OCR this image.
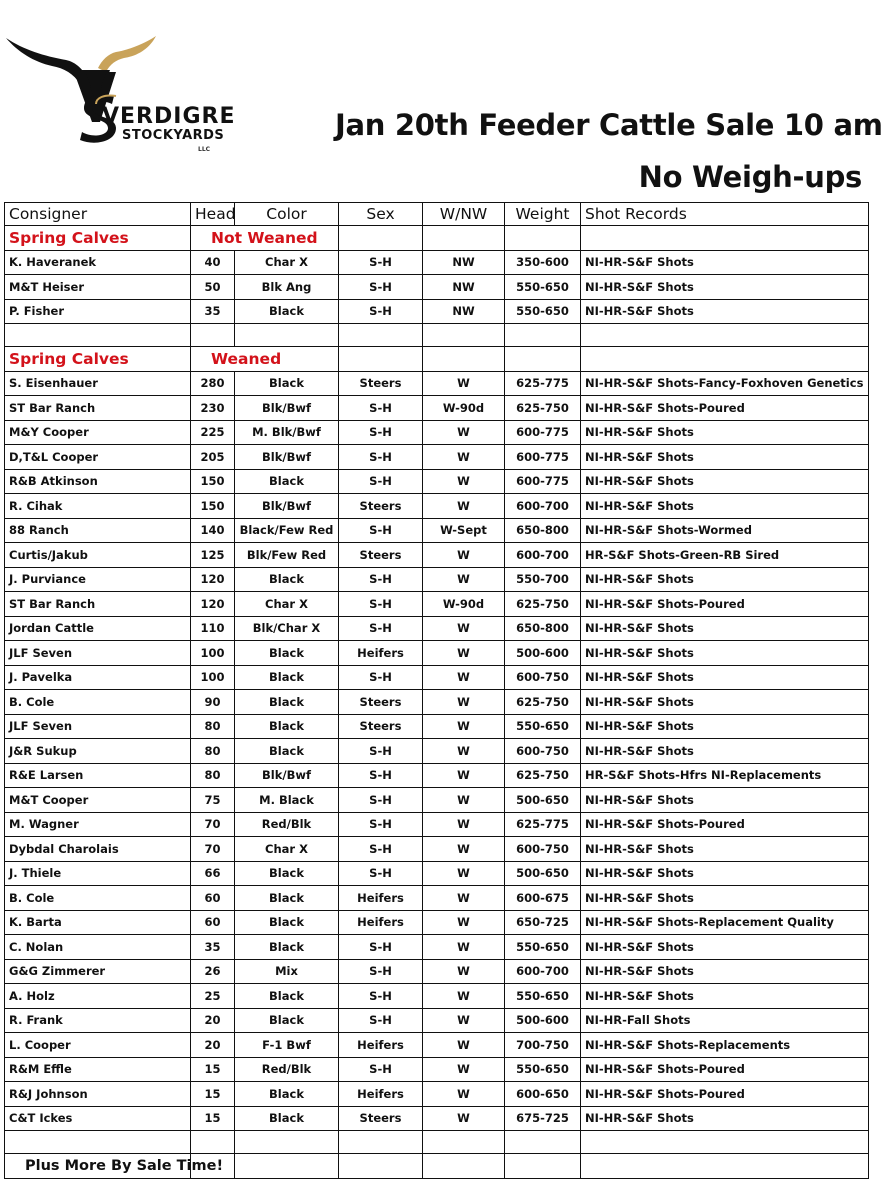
VERDIGRE
STOCKYARDS
LLC
Jan 20th Feeder Cattle Sale 10 am
No Weigh-ups
Consigner	Head	Color	Sex	W/NW	Weight	Shot Records
Spring Calves	Not Weaned					
K. Haveranek	40	Char X	S-H	NW	350-600	NI-HR-S&F Shots
M&T Heiser	50	Blk Ang	S-H	NW	550-650	NI-HR-S&F Shots
P. Fisher	35	Black	S-H	NW	550-650	NI-HR-S&F Shots

Spring Calves	Weaned					
S. Eisenhauer	280	Black	Steers	W	625-775	NI-HR-S&F Shots-Fancy-Foxhoven Genetics
ST Bar Ranch	230	Blk/Bwf	S-H	W-90d	625-750	NI-HR-S&F Shots-Poured
M&Y Cooper	225	M. Blk/Bwf	S-H	W	600-775	NI-HR-S&F Shots
D,T&L Cooper	205	Blk/Bwf	S-H	W	600-775	NI-HR-S&F Shots
R&B Atkinson	150	Black	S-H	W	600-775	NI-HR-S&F Shots
R. Cihak	150	Blk/Bwf	Steers	W	600-700	NI-HR-S&F Shots
88 Ranch	140	Black/Few Red	S-H	W-Sept	650-800	NI-HR-S&F Shots-Wormed
Curtis/Jakub	125	Blk/Few Red	Steers	W	600-700	HR-S&F Shots-Green-RB Sired
J. Purviance	120	Black	S-H	W	550-700	NI-HR-S&F Shots
ST Bar Ranch	120	Char X	S-H	W-90d	625-750	NI-HR-S&F Shots-Poured
Jordan Cattle	110	Blk/Char X	S-H	W	650-800	NI-HR-S&F Shots
JLF Seven	100	Black	Heifers	W	500-600	NI-HR-S&F Shots
J. Pavelka	100	Black	S-H	W	600-750	NI-HR-S&F Shots
B. Cole	90	Black	Steers	W	625-750	NI-HR-S&F Shots
JLF Seven	80	Black	Steers	W	550-650	NI-HR-S&F Shots
J&R Sukup	80	Black	S-H	W	600-750	NI-HR-S&F Shots
R&E Larsen	80	Blk/Bwf	S-H	W	625-750	HR-S&F Shots-Hfrs NI-Replacements
M&T Cooper	75	M. Black	S-H	W	500-650	NI-HR-S&F Shots
M. Wagner	70	Red/Blk	S-H	W	625-775	NI-HR-S&F Shots-Poured
Dybdal Charolais	70	Char X	S-H	W	600-750	NI-HR-S&F Shots
J. Thiele	66	Black	S-H	W	500-650	NI-HR-S&F Shots
B. Cole	60	Black	Heifers	W	600-675	NI-HR-S&F Shots
K. Barta	60	Black	Heifers	W	650-725	NI-HR-S&F Shots-Replacement Quality
C. Nolan	35	Black	S-H	W	550-650	NI-HR-S&F Shots
G&G Zimmerer	26	Mix	S-H	W	600-700	NI-HR-S&F Shots
A. Holz	25	Black	S-H	W	550-650	NI-HR-S&F Shots
R. Frank	20	Black	S-H	W	500-600	NI-HR-Fall Shots
L. Cooper	20	F-1 Bwf	Heifers	W	700-750	NI-HR-S&F Shots-Replacements
R&M Effle	15	Red/Blk	S-H	W	550-650	NI-HR-S&F Shots-Poured
R&J Johnson	15	Black	Heifers	W	600-650	NI-HR-S&F Shots-Poured
C&T Ickes	15	Black	Steers	W	675-725	NI-HR-S&F Shots

Plus More By Sale Time!						
